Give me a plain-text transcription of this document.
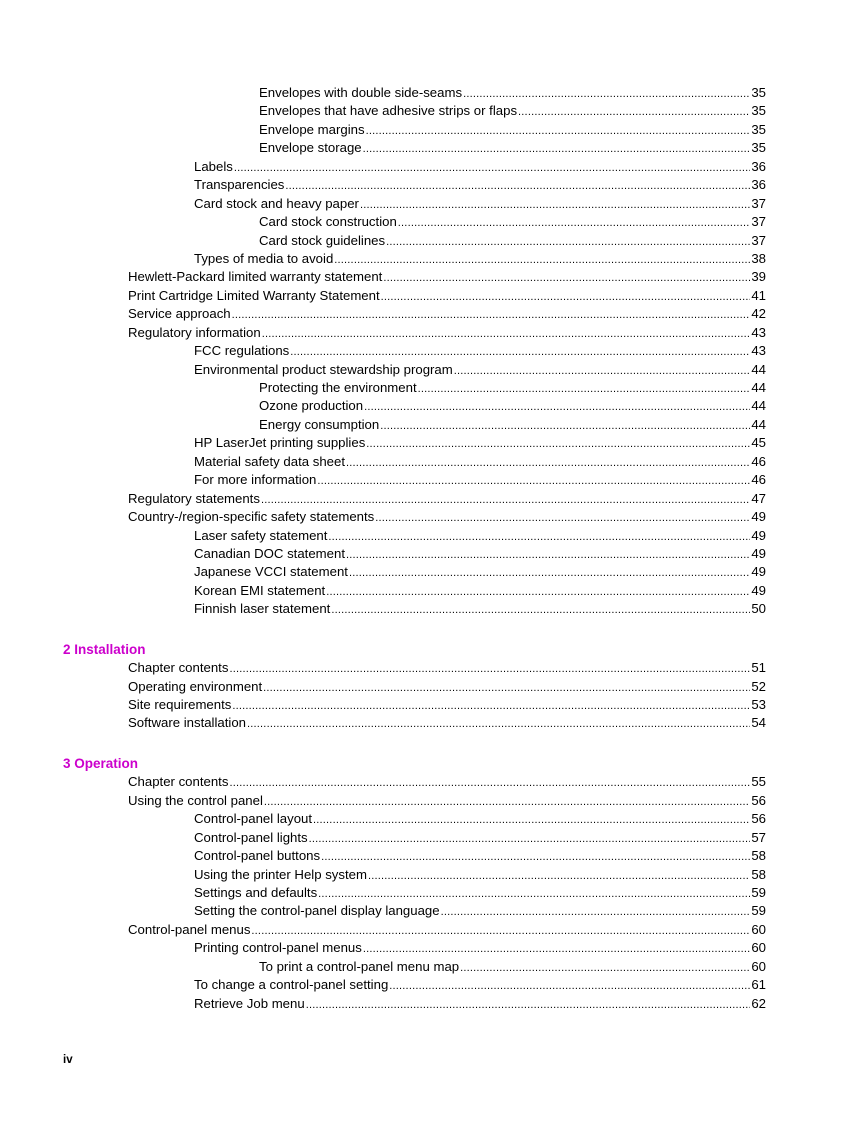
Envelopes with double side-seams .....	35
Envelopes that have adhesive strips or flaps .....	35
Envelope margins .....	35
Envelope storage .....	35
Labels .....	36
Transparencies .....	36
Card stock and heavy paper .....	37
Card stock construction .....	37
Card stock guidelines .....	37
Types of media to avoid .....	38
Hewlett-Packard limited warranty statement .....	39
Print Cartridge Limited Warranty Statement .....	41
Service approach .....	42
Regulatory information .....	43
FCC regulations .....	43
Environmental product stewardship program .....	44
Protecting the environment .....	44
Ozone production .....	44
Energy consumption .....	44
HP LaserJet printing supplies .....	45
Material safety data sheet .....	46
For more information .....	46
Regulatory statements .....	47
Country-/region-specific safety statements .....	49
Laser safety statement .....	49
Canadian DOC statement .....	49
Japanese VCCI statement .....	49
Korean EMI statement .....	49
Finnish laser statement .....	50
2 Installation
Chapter contents .....	51
Operating environment .....	52
Site requirements .....	53
Software installation .....	54
3 Operation
Chapter contents .....	55
Using the control panel .....	56
Control-panel layout .....	56
Control-panel lights .....	57
Control-panel buttons .....	58
Using the printer Help system .....	58
Settings and defaults .....	59
Setting the control-panel display language .....	59
Control-panel menus .....	60
Printing control-panel menus .....	60
To print a control-panel menu map .....	60
To change a control-panel setting .....	61
Retrieve Job menu .....	62
iv
